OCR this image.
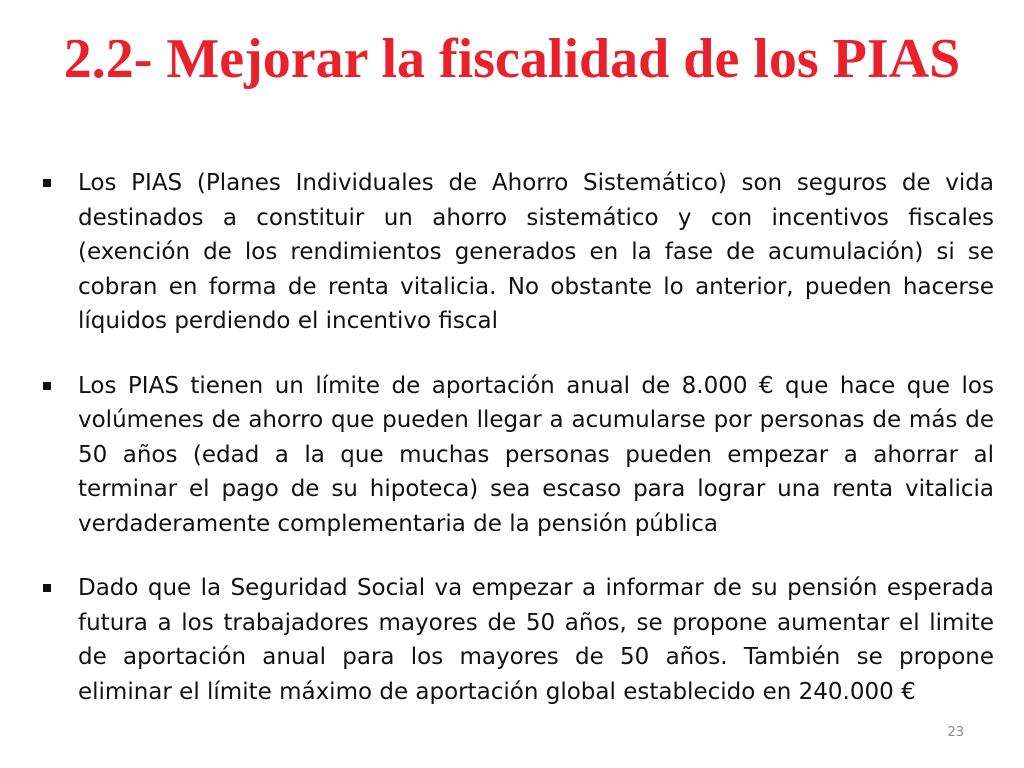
2.2- Mejorar la fiscalidad de los PIAS

Los PIAS (Planes Individuales de Ahorro Sistemático) son seguros de vida destinados a constituir un ahorro sistemático y con incentivos fiscales (exención de los rendimientos generados en la fase de acumulación) si se cobran en forma de renta vitalicia. No obstante lo anterior, pueden hacerse líquidos perdiendo el incentivo fiscal

Los PIAS tienen un límite de aportación anual de 8.000 € que hace que los volúmenes de ahorro que pueden llegar a acumularse por personas de más de 50 años (edad a la que muchas personas pueden empezar a ahorrar al terminar el pago de su hipoteca) sea escaso para lograr una renta vitalicia verdaderamente complementaria de la pensión pública

Dado que la Seguridad Social va empezar a informar de su pensión esperada futura a los trabajadores mayores de 50 años, se propone aumentar el limite de aportación anual para los mayores de 50 años. También se propone eliminar el límite máximo de aportación global establecido en 240.000 €

23
